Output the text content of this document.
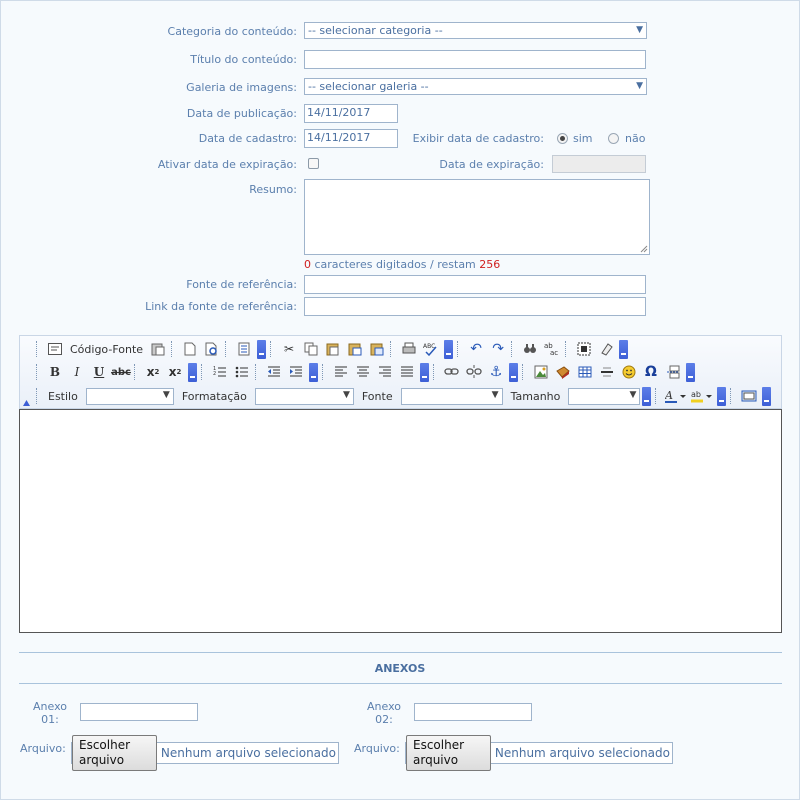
Categoria do conteúdo:	-- selecionar categoria --	▼
Título do conteúdo:
Galeria de imagens:	-- selecionar galeria --	▼
Data de publicação: 14/11/2017
Data de cadastro: 14/11/2017	Exibir data de cadastro:	sim	não
Ativar data de expiração:	Data de expiração:
Resumo:
0 caracteres digitados / restam 256
Fonte de referência:
Link da fonte de referência:
Código-Fonte	✂	ABC	↶ ↷	ab
ac
B	I	U abc	x 2 x 2	1
2	⚓	Ω
Estilo	▼	Formatação	▼	Fonte	▼	Tamanho	▼	A ab
ANEXOS
Anexo
01:
Anexo
02:
Arquivo:	Escolher arquivo	Nenhum arquivo selecionado Arquivo:	Escolher arquivo	Nenhum arquivo selecionado
